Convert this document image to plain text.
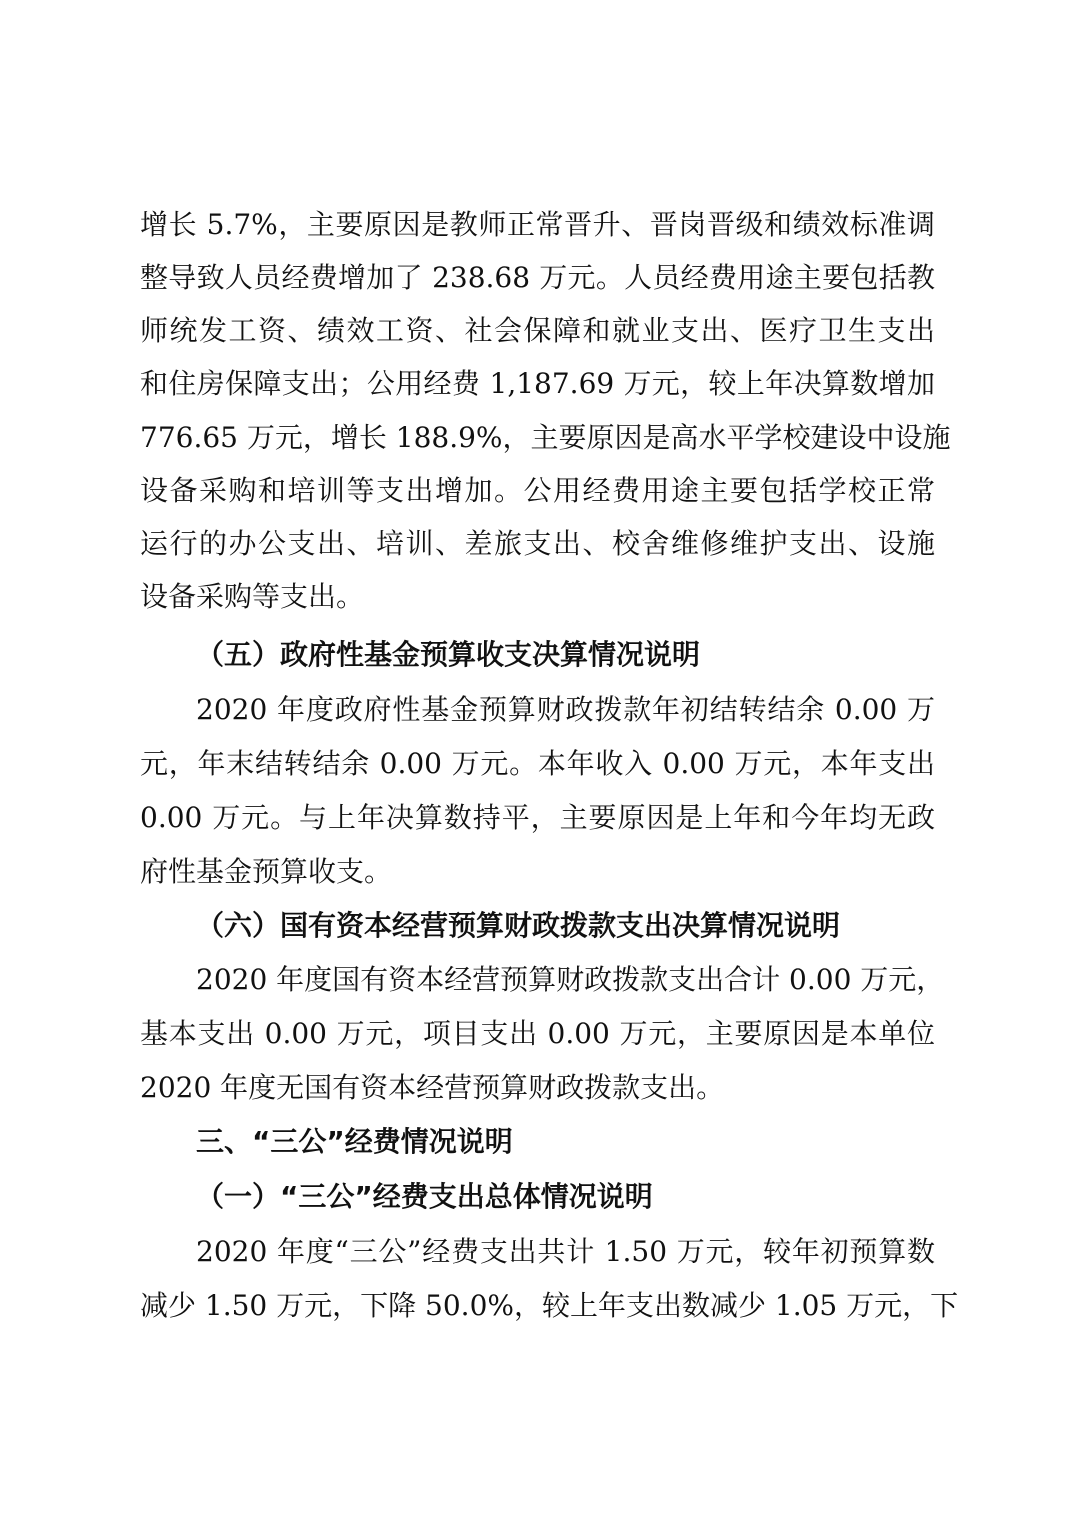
增长 5.7%，主要原因是教师正常晋升、晋岗晋级和绩效标准调
整导致人员经费增加了 238.68 万元。人员经费用途主要包括教
师统发工资、绩效工资、社会保障和就业支出、医疗卫生支出
和住房保障支出；公用经费 1,187.69 万元，较上年决算数增加
776.65 万元，增长 188.9%，主要原因是高水平学校建设中设施
设备采购和培训等支出增加。公用经费用途主要包括学校正常
运行的办公支出、培训、差旅支出、校舍维修维护支出、设施
设备采购等支出。
（五）政府性基金预算收支决算情况说明
2020 年度政府性基金预算财政拨款年初结转结余 0.00 万
元，年末结转结余 0.00 万元。本年收入 0.00 万元，本年支出
0.00 万元。与上年决算数持平，主要原因是上年和今年均无政
府性基金预算收支。
（六）国有资本经营预算财政拨款支出决算情况说明
2020 年度国有资本经营预算财政拨款支出合计 0.00 万元，
基本支出 0.00 万元，项目支出 0.00 万元，主要原因是本单位
2020 年度无国有资本经营预算财政拨款支出。
三、“三公”经费情况说明
（一）“三公”经费支出总体情况说明
2020 年度“三公”经费支出共计 1.50 万元，较年初预算数
减少 1.50 万元，下降 50.0%，较上年支出数减少 1.05 万元，下
